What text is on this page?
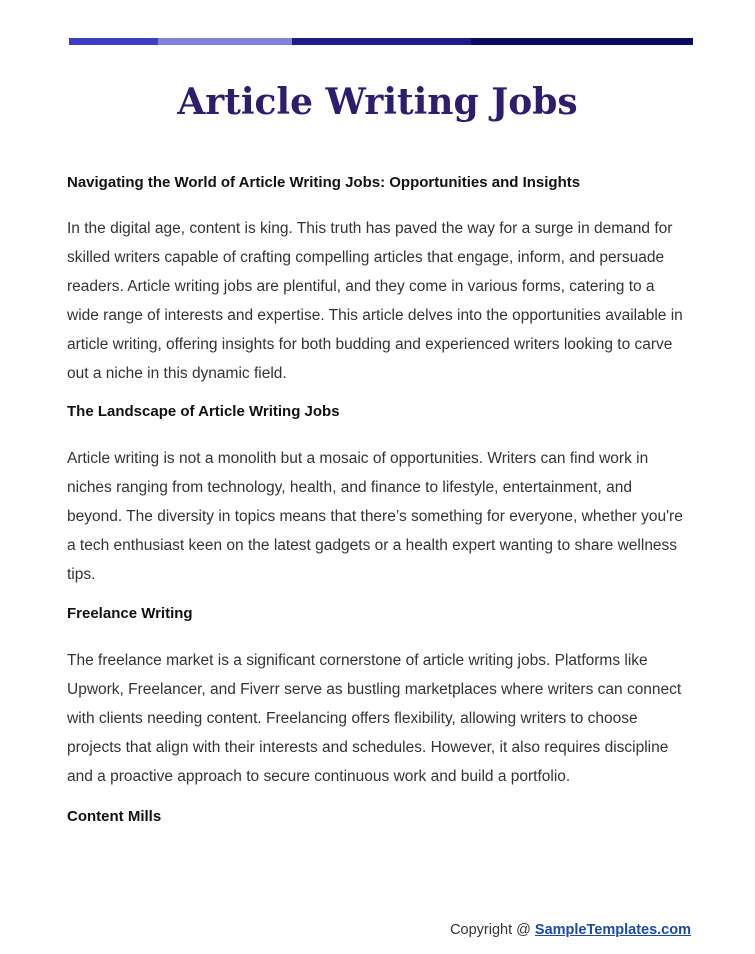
Article Writing Jobs
Navigating the World of Article Writing Jobs: Opportunities and Insights

In the digital age, content is king. This truth has paved the way for a surge in demand for skilled writers capable of crafting compelling articles that engage, inform, and persuade readers. Article writing jobs are plentiful, and they come in various forms, catering to a wide range of interests and expertise. This article delves into the opportunities available in article writing, offering insights for both budding and experienced writers looking to carve out a niche in this dynamic field.

The Landscape of Article Writing Jobs

Article writing is not a monolith but a mosaic of opportunities. Writers can find work in niches ranging from technology, health, and finance to lifestyle, entertainment, and beyond. The diversity in topics means that there’s something for everyone, whether you're a tech enthusiast keen on the latest gadgets or a health expert wanting to share wellness tips.

Freelance Writing

The freelance market is a significant cornerstone of article writing jobs. Platforms like Upwork, Freelancer, and Fiverr serve as bustling marketplaces where writers can connect with clients needing content. Freelancing offers flexibility, allowing writers to choose projects that align with their interests and schedules. However, it also requires discipline and a proactive approach to secure continuous work and build a portfolio.

Content Mills
Copyright @ SampleTemplates.com
